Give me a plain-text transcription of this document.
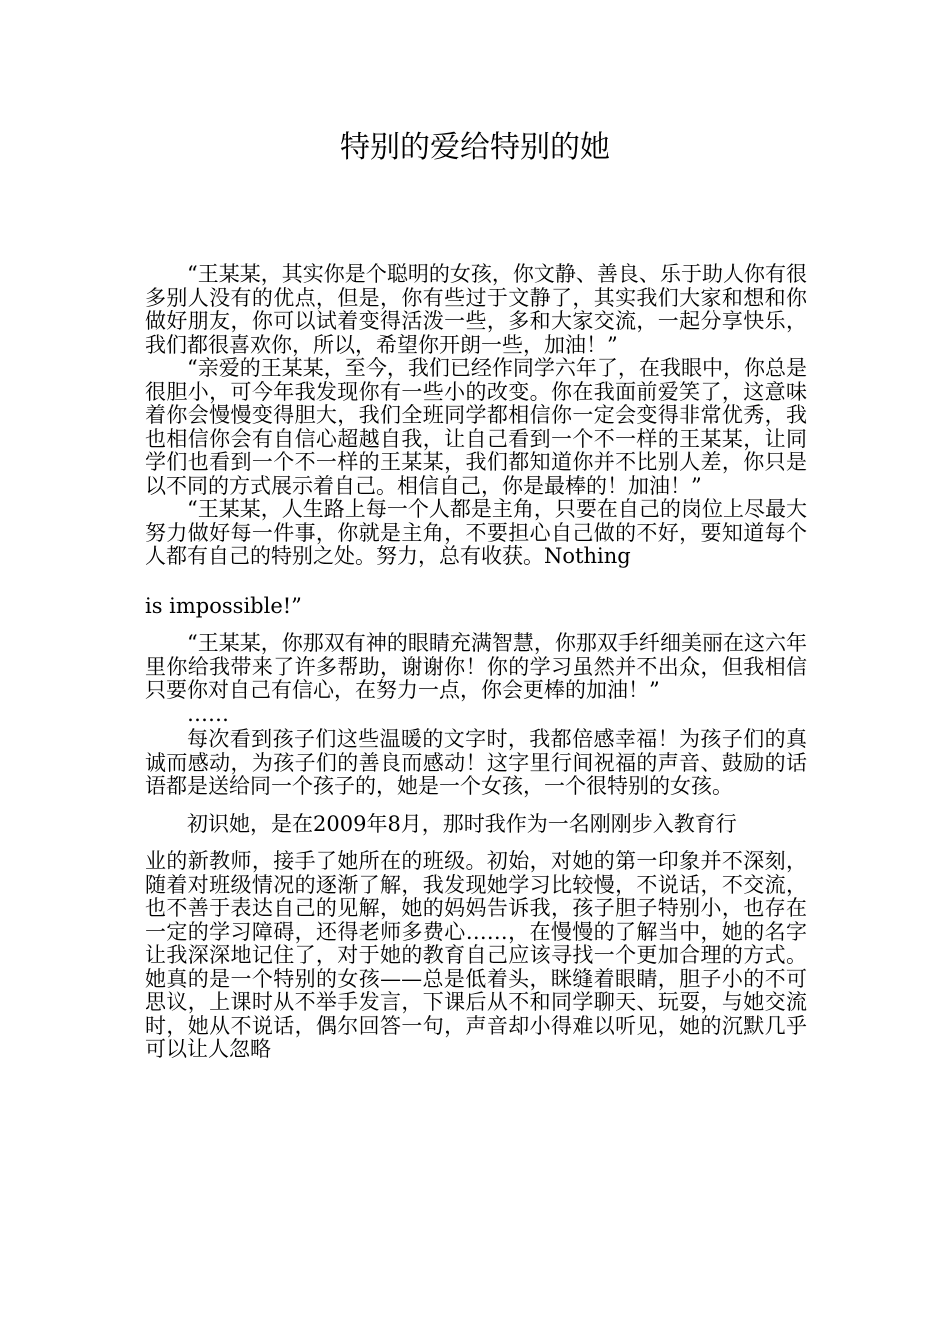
特别的爱给特别的她

“王某某，其实你是个聪明的女孩，你文静、善良、乐于助人你有很多别人没有的优点，但是，你有些过于文静了，其实我们大家和想和你做好朋友，你可以试着变得活泼一些，多和大家交流，一起分享快乐，我们都很喜欢你，所以，希望你开朗一些，加油！”

“亲爱的王某某，至今，我们已经作同学六年了，在我眼中，你总是很胆小，可今年我发现你有一些小的改变。你在我面前爱笑了，这意味着你会慢慢变得胆大，我们全班同学都相信你一定会变得非常优秀，我也相信你会有自信心超越自我，让自己看到一个不一样的王某某，让同学们也看到一个不一样的王某某，我们都知道你并不比别人差，你只是以不同的方式展示着自己。相信自己，你是最棒的！加油！”

“王某某，人生路上每一个人都是主角，只要在自己的岗位上尽最大努力做好每一件事，你就是主角，不要担心自己做的不好，要知道每个人都有自己的特别之处。努力，总有收获。Nothing

is impossible!”

“王某某，你那双有神的眼睛充满智慧，你那双手纤细美丽在这六年里你给我带来了许多帮助，谢谢你！你的学习虽然并不出众，但我相信只要你对自己有信心，在努力一点，你会更棒的加油！”

……

每次看到孩子们这些温暖的文字时，我都倍感幸福！为孩子们的真诚而感动，为孩子们的善良而感动！这字里行间祝福的声音、鼓励的话语都是送给同一个孩子的，她是一个女孩，一个很特别的女孩。

初识她，是在2009年8月，那时我作为一名刚刚步入教育行

业的新教师，接手了她所在的班级。初始，对她的第一印象并不深刻，随着对班级情况的逐渐了解，我发现她学习比较慢，不说话，不交流，也不善于表达自己的见解，她的妈妈告诉我，孩子胆子特别小，也存在一定的学习障碍，还得老师多费心……，在慢慢的了解当中，她的名字让我深深地记住了，对于她的教育自己应该寻找一个更加合理的方式。她真的是一个特别的女孩——总是低着头，眯缝着眼睛，胆子小的不可思议，上课时从不举手发言，下课后从不和同学聊天、玩耍，与她交流时，她从不说话，偶尔回答一句，声音却小得难以听见，她的沉默几乎可以让人忽略
